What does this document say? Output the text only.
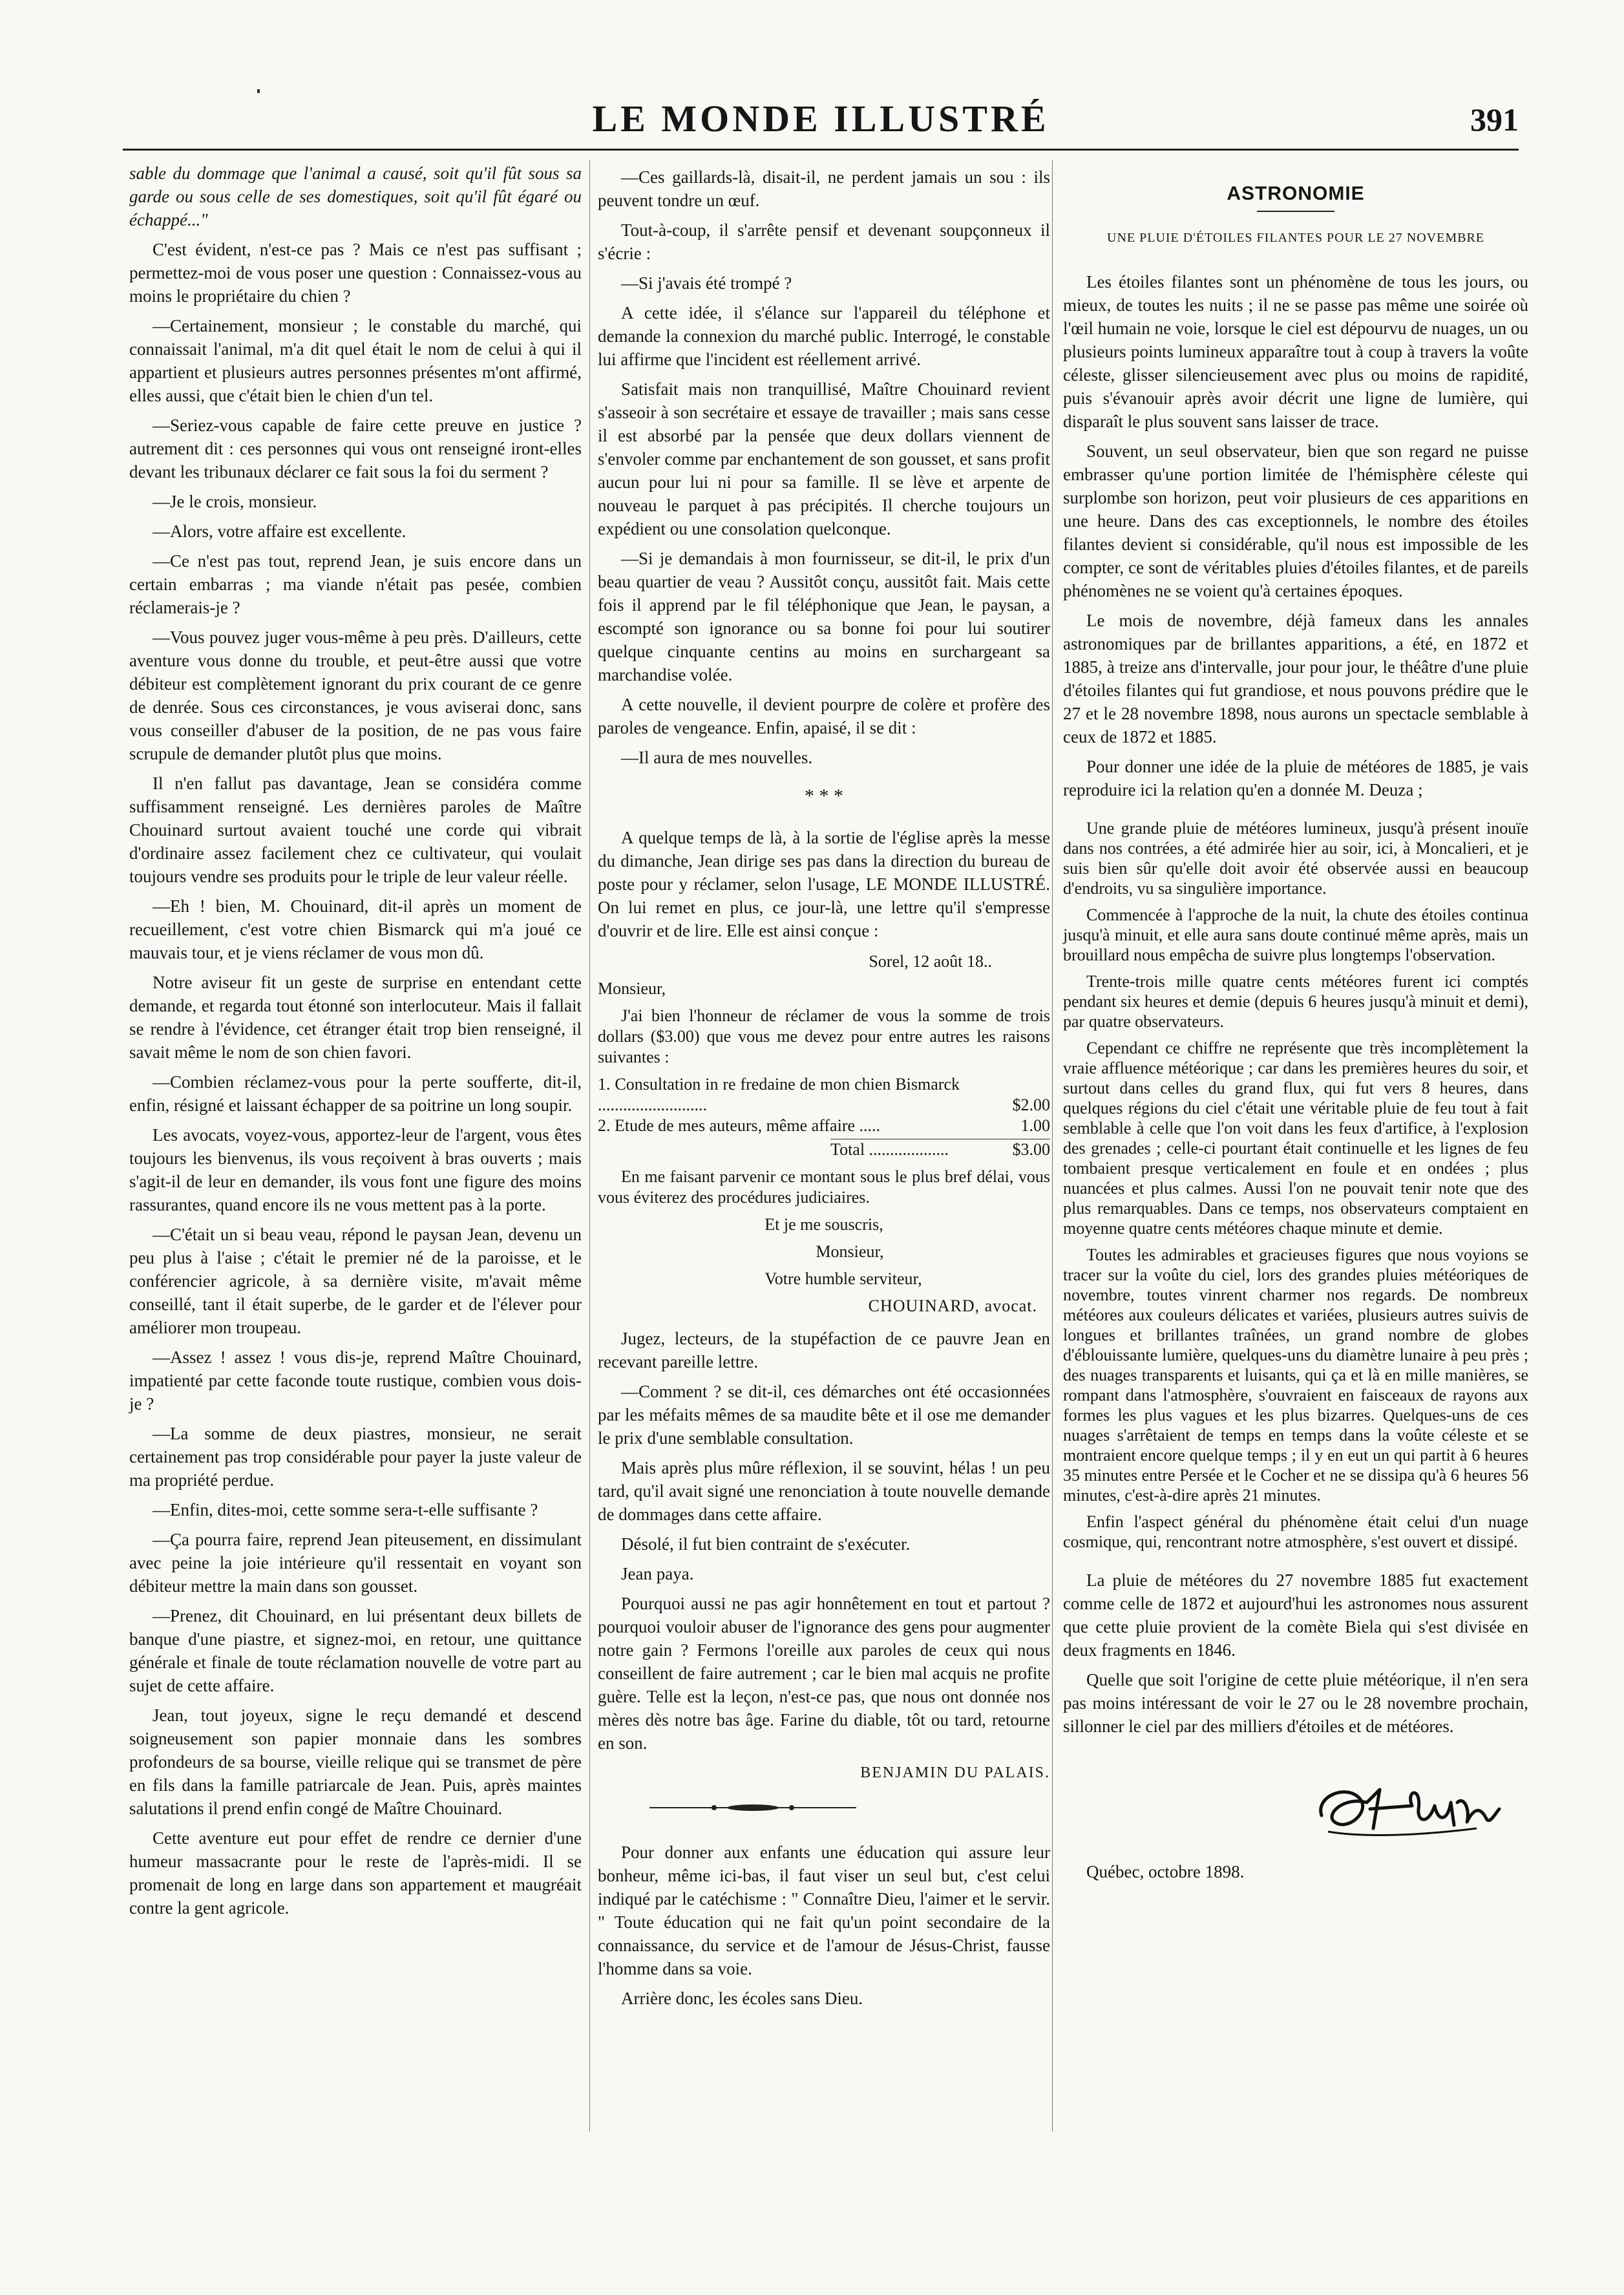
LE MONDE ILLUSTRÉ	391

sable du dommage que l'animal a causé, soit qu'il fût sous sa garde ou sous celle de ses domestiques, soit qu'il fût égaré ou échappé..."

C'est évident, n'est-ce pas ? Mais ce n'est pas suffisant ; permettez-moi de vous poser une question : Connaissez-vous au moins le propriétaire du chien ?

—Certainement, monsieur ; le constable du marché, qui connaissait l'animal, m'a dit quel était le nom de celui à qui il appartient et plusieurs autres personnes présentes m'ont affirmé, elles aussi, que c'était bien le chien d'un tel.

—Seriez-vous capable de faire cette preuve en justice ? autrement dit : ces personnes qui vous ont renseigné iront-elles devant les tribunaux déclarer ce fait sous la foi du serment ?

—Je le crois, monsieur.

—Alors, votre affaire est excellente.

—Ce n'est pas tout, reprend Jean, je suis encore dans un certain embarras ; ma viande n'était pas pesée, combien réclamerais-je ?

—Vous pouvez juger vous-même à peu près. D'ailleurs, cette aventure vous donne du trouble, et peut-être aussi que votre débiteur est complètement ignorant du prix courant de ce genre de denrée. Sous ces circonstances, je vous aviserai donc, sans vous conseiller d'abuser de la position, de ne pas vous faire scrupule de demander plutôt plus que moins.

Il n'en fallut pas davantage, Jean se considéra comme suffisamment renseigné. Les dernières paroles de Maître Chouinard surtout avaient touché une corde qui vibrait d'ordinaire assez facilement chez ce cultivateur, qui voulait toujours vendre ses produits pour le triple de leur valeur réelle.

—Eh ! bien, M. Chouinard, dit-il après un moment de recueillement, c'est votre chien Bismarck qui m'a joué ce mauvais tour, et je viens réclamer de vous mon dû.

Notre aviseur fit un geste de surprise en entendant cette demande, et regarda tout étonné son interlocuteur. Mais il fallait se rendre à l'évidence, cet étranger était trop bien renseigné, il savait même le nom de son chien favori.

—Combien réclamez-vous pour la perte soufferte, dit-il, enfin, résigné et laissant échapper de sa poitrine un long soupir.

Les avocats, voyez-vous, apportez-leur de l'argent, vous êtes toujours les bienvenus, ils vous reçoivent à bras ouverts ; mais s'agit-il de leur en demander, ils vous font une figure des moins rassurantes, quand encore ils ne vous mettent pas à la porte.

—C'était un si beau veau, répond le paysan Jean, devenu un peu plus à l'aise ; c'était le premier né de la paroisse, et le conférencier agricole, à sa dernière visite, m'avait même conseillé, tant il était superbe, de le garder et de l'élever pour améliorer mon troupeau.

—Assez ! assez ! vous dis-je, reprend Maître Chouinard, impatienté par cette faconde toute rustique, combien vous dois-je ?

—La somme de deux piastres, monsieur, ne serait certainement pas trop considérable pour payer la juste valeur de ma propriété perdue.

—Enfin, dites-moi, cette somme sera-t-elle suffisante ?

—Ça pourra faire, reprend Jean piteusement, en dissimulant avec peine la joie intérieure qu'il ressentait en voyant son débiteur mettre la main dans son gousset.

—Prenez, dit Chouinard, en lui présentant deux billets de banque d'une piastre, et signez-moi, en retour, une quittance générale et finale de toute réclamation nouvelle de votre part au sujet de cette affaire.

Jean, tout joyeux, signe le reçu demandé et descend soigneusement son papier monnaie dans les sombres profondeurs de sa bourse, vieille relique qui se transmet de père en fils dans la famille patriarcale de Jean. Puis, après maintes salutations il prend enfin congé de Maître Chouinard.

Cette aventure eut pour effet de rendre ce dernier d'une humeur massacrante pour le reste de l'après-midi. Il se promenait de long en large dans son appartement et maugréait contre la gent agricole.

—Ces gaillards-là, disait-il, ne perdent jamais un sou : ils peuvent tondre un œuf.

Tout-à-coup, il s'arrête pensif et devenant soupçonneux il s'écrie :

—Si j'avais été trompé ?

A cette idée, il s'élance sur l'appareil du téléphone et demande la connexion du marché public. Interrogé, le constable lui affirme que l'incident est réellement arrivé.

Satisfait mais non tranquillisé, Maître Chouinard revient s'asseoir à son secrétaire et essaye de travailler ; mais sans cesse il est absorbé par la pensée que deux dollars viennent de s'envoler comme par enchantement de son gousset, et sans profit aucun pour lui ni pour sa famille. Il se lève et arpente de nouveau le parquet à pas précipités. Il cherche toujours un expédient ou une consolation quelconque.

—Si je demandais à mon fournisseur, se dit-il, le prix d'un beau quartier de veau ? Aussitôt conçu, aussitôt fait. Mais cette fois il apprend par le fil téléphonique que Jean, le paysan, a escompté son ignorance ou sa bonne foi pour lui soutirer quelque cinquante centins au moins en surchargeant sa marchandise volée.

A cette nouvelle, il devient pourpre de colère et profère des paroles de vengeance. Enfin, apaisé, il se dit :

—Il aura de mes nouvelles.

* * *

A quelque temps de là, à la sortie de l'église après la messe du dimanche, Jean dirige ses pas dans la direction du bureau de poste pour y réclamer, selon l'usage, LE MONDE ILLUSTRÉ. On lui remet en plus, ce jour-là, une lettre qu'il s'empresse d'ouvrir et de lire. Elle est ainsi conçue :

Sorel, 12 août 18..

Monsieur,

J'ai bien l'honneur de réclamer de vous la somme de trois dollars ($3.00) que vous me devez pour entre autres les raisons suivantes :

1. Consultation in re fredaine de mon chien Bismarck ..........................	$2.00
2. Etude de mes auteurs, même affaire .....	1.00
Total ...................	$3.00

En me faisant parvenir ce montant sous le plus bref délai, vous vous éviterez des procédures judiciaires.

Et je me souscris,

Monsieur,

Votre humble serviteur,

CHOUINARD, avocat.

Jugez, lecteurs, de la stupéfaction de ce pauvre Jean en recevant pareille lettre.

—Comment ? se dit-il, ces démarches ont été occasionnées par les méfaits mêmes de sa maudite bête et il ose me demander le prix d'une semblable consultation.

Mais après plus mûre réflexion, il se souvint, hélas ! un peu tard, qu'il avait signé une renonciation à toute nouvelle demande de dommages dans cette affaire.

Désolé, il fut bien contraint de s'exécuter.

Jean paya.

Pourquoi aussi ne pas agir honnêtement en tout et partout ? pourquoi vouloir abuser de l'ignorance des gens pour augmenter notre gain ? Fermons l'oreille aux paroles de ceux qui nous conseillent de faire autrement ; car le bien mal acquis ne profite guère. Telle est la leçon, n'est-ce pas, que nous ont donnée nos mères dès notre bas âge. Farine du diable, tôt ou tard, retourne en son.

BENJAMIN DU PALAIS.

Pour donner aux enfants une éducation qui assure leur bonheur, même ici-bas, il faut viser un seul but, c'est celui indiqué par le catéchisme : " Connaître Dieu, l'aimer et le servir. " Toute éducation qui ne fait qu'un point secondaire de la connaissance, du service et de l'amour de Jésus-Christ, fausse l'homme dans sa voie.

Arrière donc, les écoles sans Dieu.

ASTRONOMIE
UNE PLUIE D'ÉTOILES FILANTES POUR LE 27 NOVEMBRE

Les étoiles filantes sont un phénomène de tous les jours, ou mieux, de toutes les nuits ; il ne se passe pas même une soirée où l'œil humain ne voie, lorsque le ciel est dépourvu de nuages, un ou plusieurs points lumineux apparaître tout à coup à travers la voûte céleste, glisser silencieusement avec plus ou moins de rapidité, puis s'évanouir après avoir décrit une ligne de lumière, qui disparaît le plus souvent sans laisser de trace.

Souvent, un seul observateur, bien que son regard ne puisse embrasser qu'une portion limitée de l'hémisphère céleste qui surplombe son horizon, peut voir plusieurs de ces apparitions en une heure. Dans des cas exceptionnels, le nombre des étoiles filantes devient si considérable, qu'il nous est impossible de les compter, ce sont de véritables pluies d'étoiles filantes, et de pareils phénomènes ne se voient qu'à certaines époques.

Le mois de novembre, déjà fameux dans les annales astronomiques par de brillantes apparitions, a été, en 1872 et 1885, à treize ans d'intervalle, jour pour jour, le théâtre d'une pluie d'étoiles filantes qui fut grandiose, et nous pouvons prédire que le 27 et le 28 novembre 1898, nous aurons un spectacle semblable à ceux de 1872 et 1885.

Pour donner une idée de la pluie de météores de 1885, je vais reproduire ici la relation qu'en a donnée M. Deuza ;

Une grande pluie de météores lumineux, jusqu'à présent inouïe dans nos contrées, a été admirée hier au soir, ici, à Moncalieri, et je suis bien sûr qu'elle doit avoir été observée aussi en beaucoup d'endroits, vu sa singulière importance.

Commencée à l'approche de la nuit, la chute des étoiles continua jusqu'à minuit, et elle aura sans doute continué même après, mais un brouillard nous empêcha de suivre plus longtemps l'observation.

Trente-trois mille quatre cents météores furent ici comptés pendant six heures et demie (depuis 6 heures jusqu'à minuit et demi), par quatre observateurs.

Cependant ce chiffre ne représente que très incomplètement la vraie affluence météorique ; car dans les premières heures du soir, et surtout dans celles du grand flux, qui fut vers 8 heures, dans quelques régions du ciel c'était une véritable pluie de feu tout à fait semblable à celle que l'on voit dans les feux d'artifice, à l'explosion des grenades ; celle-ci pourtant était continuelle et les lignes de feu tombaient presque verticalement en foule et en ondées ; plus nuancées et plus calmes. Aussi l'on ne pouvait tenir note que des plus remarquables. Dans ce temps, nos observateurs comptaient en moyenne quatre cents météores chaque minute et demie.

Toutes les admirables et gracieuses figures que nous voyions se tracer sur la voûte du ciel, lors des grandes pluies météoriques de novembre, toutes vinrent charmer nos regards. De nombreux météores aux couleurs délicates et variées, plusieurs autres suivis de longues et brillantes traînées, un grand nombre de globes d'éblouissante lumière, quelques-uns du diamètre lunaire à peu près ; des nuages transparents et luisants, qui ça et là en mille manières, se rompant dans l'atmosphère, s'ouvraient en faisceaux de rayons aux formes les plus vagues et les plus bizarres. Quelques-uns de ces nuages s'arrêtaient de temps en temps dans la voûte céleste et se montraient encore quelque temps ; il y en eut un qui partit à 6 heures 35 minutes entre Persée et le Cocher et ne se dissipa qu'à 6 heures 56 minutes, c'est-à-dire après 21 minutes.

Enfin l'aspect général du phénomène était celui d'un nuage cosmique, qui, rencontrant notre atmosphère, s'est ouvert et dissipé.

La pluie de météores du 27 novembre 1885 fut exactement comme celle de 1872 et aujourd'hui les astronomes nous assurent que cette pluie provient de la comète Biela qui s'est divisée en deux fragments en 1846.

Quelle que soit l'origine de cette pluie météorique, il n'en sera pas moins intéressant de voir le 27 ou le 28 novembre prochain, sillonner le ciel par des milliers d'étoiles et de météores.

Québec, octobre 1898.
